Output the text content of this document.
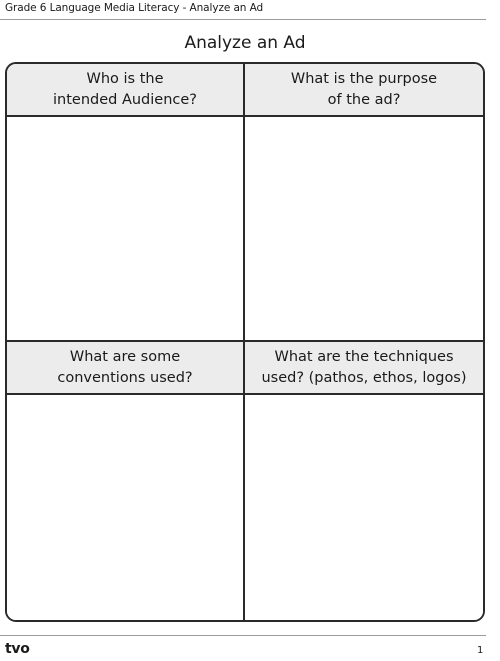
Grade 6 Language Media Literacy - Analyze an Ad
Analyze an Ad
Who is the
intended Audience?
What is the purpose
of the ad?
What are some
conventions used?
What are the techniques
used? (pathos, ethos, logos)
tvo	1
